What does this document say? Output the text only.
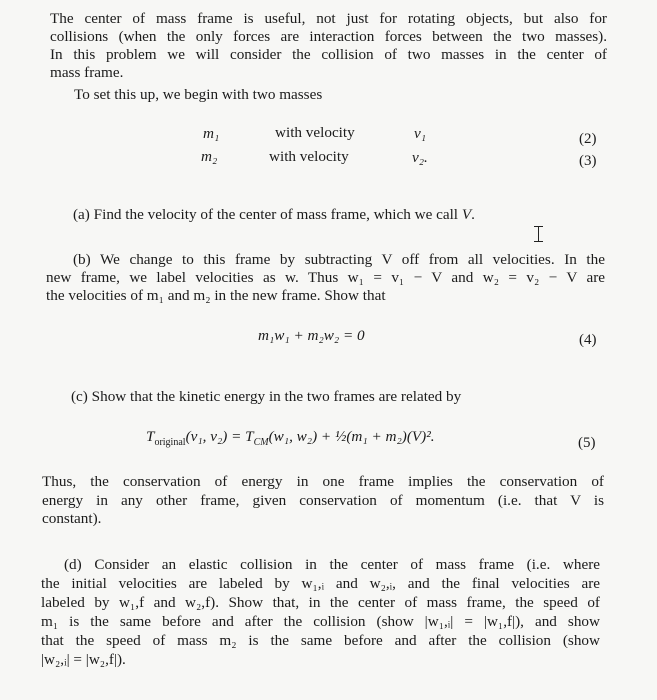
The center of mass frame is useful, not just for rotating objects, but also for
collisions (when the only forces are interaction forces between the two masses).
In this problem we will consider the collision of two masses in the center of
mass frame.
To set this up, we begin with two masses
m₁	with velocity	v₁	(2)
m₂	with velocity	v₂.	(3)
(a) Find the velocity of the center of mass frame, which we call V.
(b) We change to this frame by subtracting V off from all velocities. In the
new frame, we label velocities as w. Thus w₁ = v₁ − V and w₂ = v₂ − V are
the velocities of m₁ and m₂ in the new frame. Show that
m₁w₁ + m₂w₂ = 0	(4)
(c) Show that the kinetic energy in the two frames are related by
$T_{original}(v_1$, $v_2) = T_{CM}(w_1$, w₂) + ½(m₁ + m₂)(V)².	(5)
Thus, the conservation of energy in one frame implies the conservation of
energy in any other frame, given conservation of momentum (i.e. that V is
constant).
(d) Consider an elastic collision in the center of mass frame (i.e. where
the initial velocities are labeled by w₁,ᵢ and w₂,ᵢ, and the final velocities are
labeled by w₁,f and w₂,f). Show that, in the center of mass frame, the speed of
m₁ is the same before and after the collision (show |w₁,ᵢ| = |w₁,f|), and show
that the speed of mass m₂ is the same before and after the collision (show
|w₂,ᵢ| = |w₂,f|).
